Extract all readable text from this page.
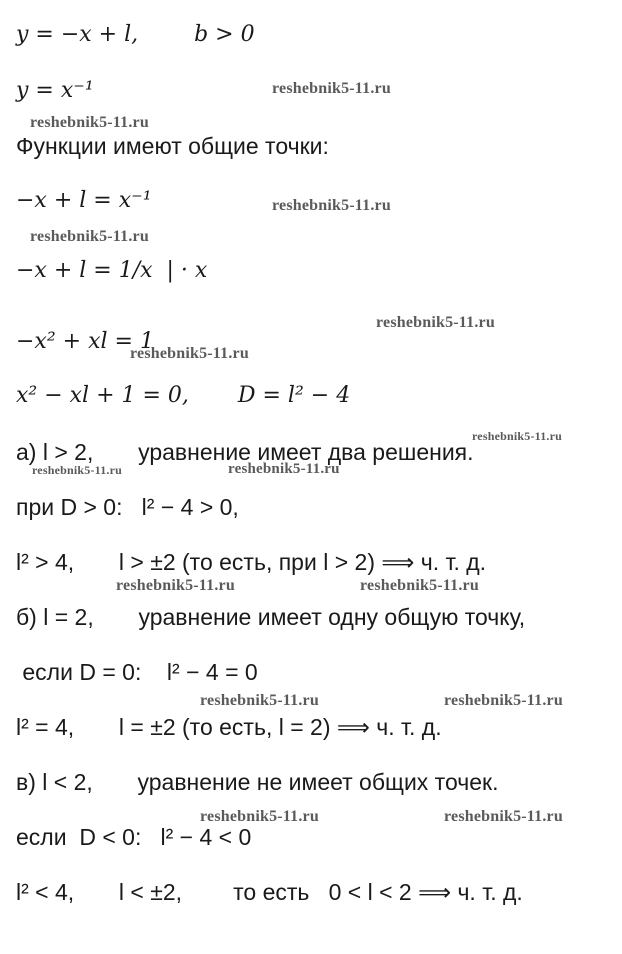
y = −x + l,        b > 0
y = x⁻¹
Функции имеют общие точки:
−x + l = x⁻¹
−x + l = 1/x  | · x
−x² + xl = 1
x² − xl + 1 = 0,       D = l² − 4
а) l > 2,       уравнение имеет два решения.
при D > 0:   l² − 4 > 0,
l² > 4,       l > ±2 (то есть, при l > 2) ⟹ ч. т. д.
б) l = 2,       уравнение имеет одну общую точку,
если D = 0:    l² − 4 = 0
l² = 4,       l = ±2 (то есть, l = 2) ⟹ ч. т. д.
в) l < 2,       уравнение не имеет общих точек.
если  D < 0:   l² − 4 < 0
l² < 4,       l < ±2,        то есть   0 < l < 2 ⟹ ч. т. д.
reshebnik5-11.ru
reshebnik5-11.ru
reshebnik5-11.ru
reshebnik5-11.ru
reshebnik5-11.ru
reshebnik5-11.ru
reshebnik5-11.ru
reshebnik5-11.ru	reshebnik5-11.ru
reshebnik5-11.ru	reshebnik5-11.ru
reshebnik5-11.ru	reshebnik5-11.ru
reshebnik5-11.ru	reshebnik5-11.ru
